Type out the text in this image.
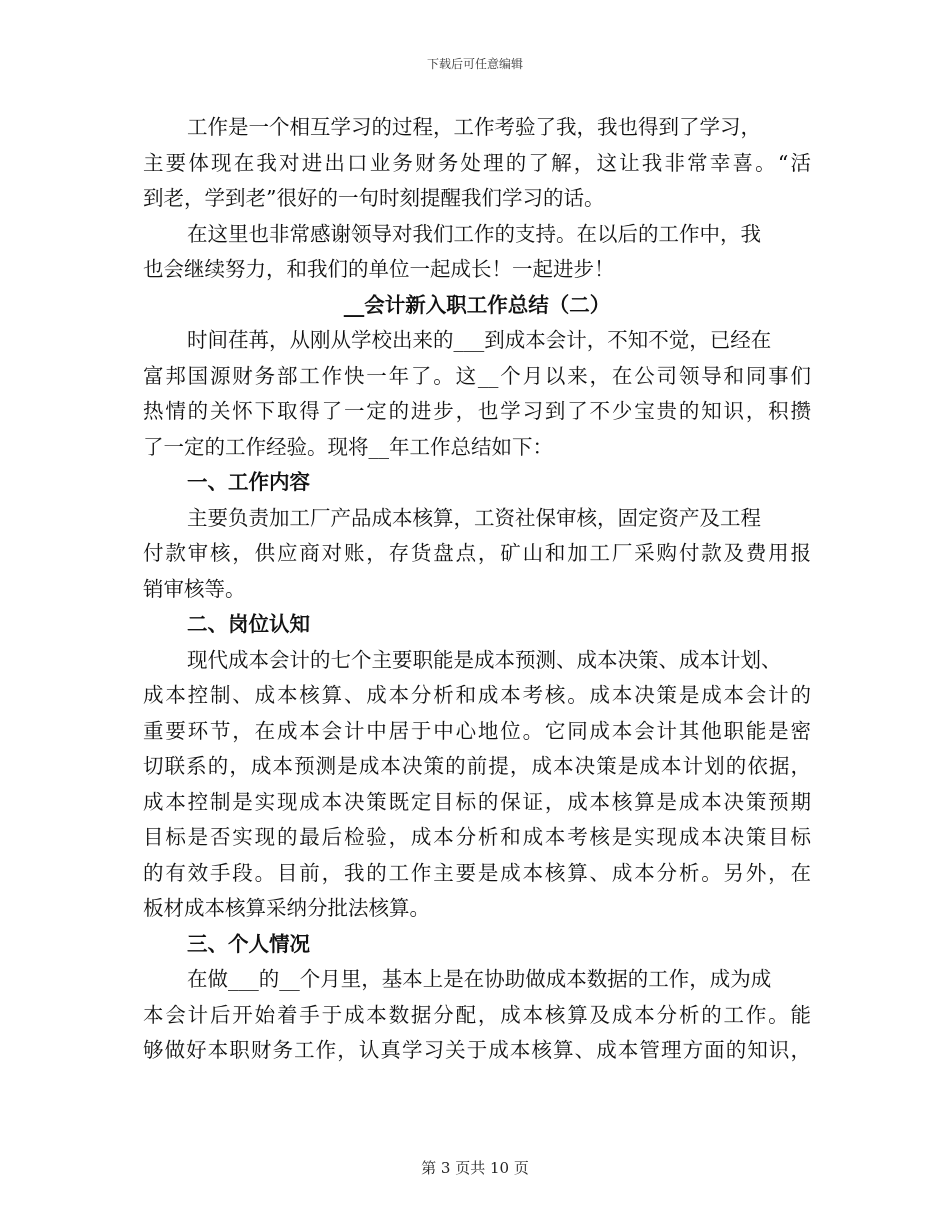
下载后可任意编辑
工作是一个相互学习的过程，工作考验了我，我也得到了学习，
主要体现在我对进出口业务财务处理的了解，这让我非常幸喜。“活
到老，学到老”很好的一句时刻提醒我们学习的话。
在这里也非常感谢领导对我们工作的支持。在以后的工作中，我
也会继续努力，和我们的单位一起成长！一起进步！
__会计新入职工作总结（二）
时间荏苒，从刚从学校出来的___到成本会计，不知不觉，已经在
富邦国源财务部工作快一年了。这__个月以来，在公司领导和同事们
热情的关怀下取得了一定的进步，也学习到了不少宝贵的知识，积攒
了一定的工作经验。现将__年工作总结如下：
一、工作内容
主要负责加工厂产品成本核算，工资社保审核，固定资产及工程
付款审核，供应商对账，存货盘点，矿山和加工厂采购付款及费用报
销审核等。
二、岗位认知
现代成本会计的七个主要职能是成本预测、成本决策、成本计划、
成本控制、成本核算、成本分析和成本考核。成本决策是成本会计的
重要环节，在成本会计中居于中心地位。它同成本会计其他职能是密
切联系的，成本预测是成本决策的前提，成本决策是成本计划的依据，
成本控制是实现成本决策既定目标的保证，成本核算是成本决策预期
目标是否实现的最后检验，成本分析和成本考核是实现成本决策目标
的有效手段。目前，我的工作主要是成本核算、成本分析。另外，在
板材成本核算采纳分批法核算。
三、个人情况
在做___的__个月里，基本上是在协助做成本数据的工作，成为成
本会计后开始着手于成本数据分配，成本核算及成本分析的工作。能
够做好本职财务工作，认真学习关于成本核算、成本管理方面的知识，
第 3 页共 10 页
